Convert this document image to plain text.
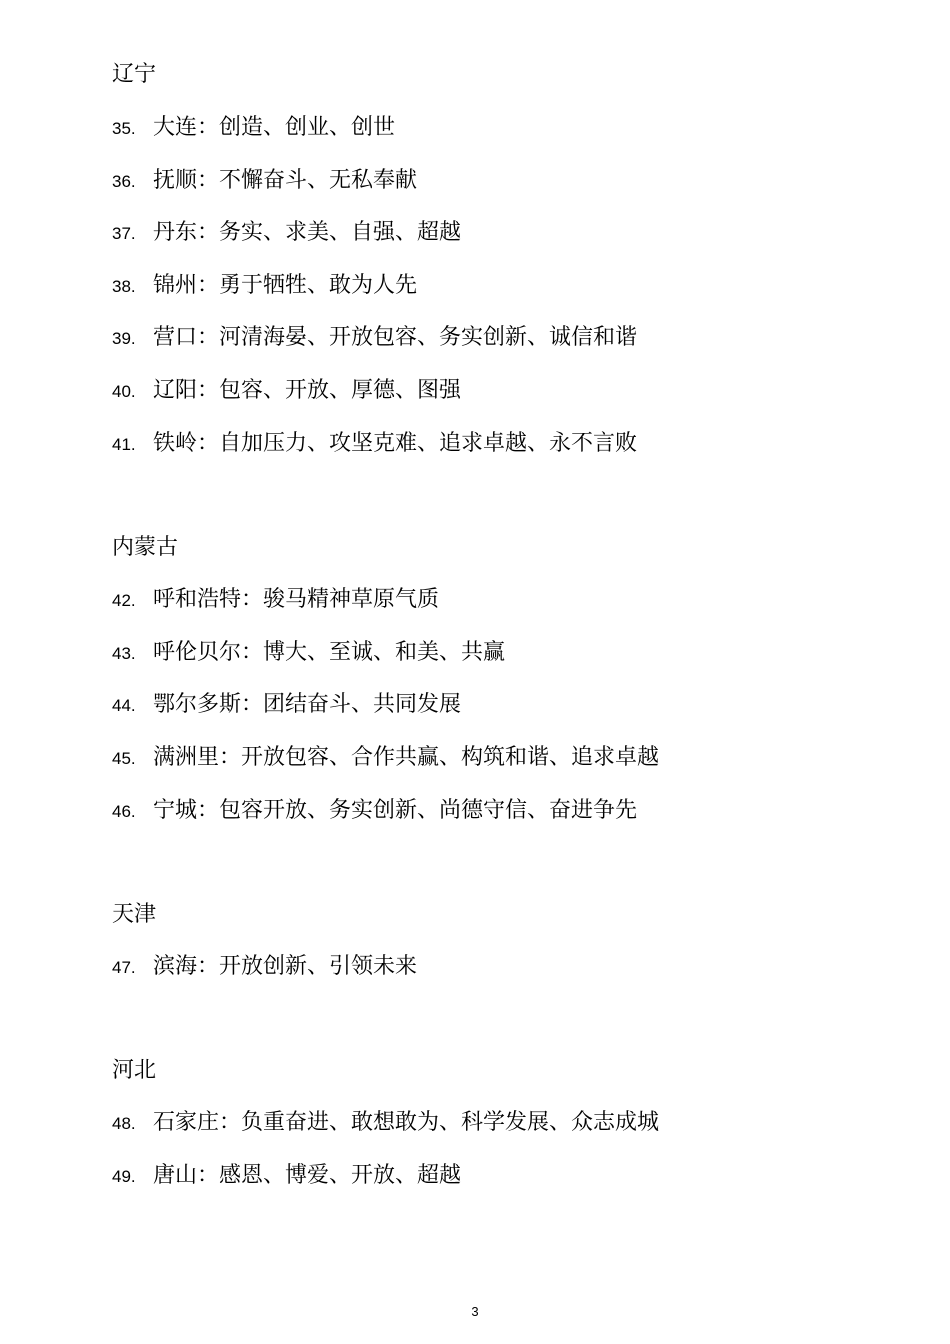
辽宁
35. 大连：创造、创业、创世
36. 抚顺：不懈奋斗、无私奉献
37. 丹东：务实、求美、自强、超越
38. 锦州：勇于牺牲、敢为人先
39. 营口：河清海晏、开放包容、务实创新、诚信和谐
40. 辽阳：包容、开放、厚德、图强
41. 铁岭：自加压力、攻坚克难、追求卓越、永不言败
内蒙古
42. 呼和浩特：骏马精神草原气质
43. 呼伦贝尔：博大、至诚、和美、共赢
44. 鄂尔多斯：团结奋斗、共同发展
45. 满洲里：开放包容、合作共赢、构筑和谐、追求卓越
46. 宁城：包容开放、务实创新、尚德守信、奋进争先
天津
47. 滨海：开放创新、引领未来
河北
48. 石家庄：负重奋进、敢想敢为、科学发展、众志成城
49. 唐山：感恩、博爱、开放、超越
3
